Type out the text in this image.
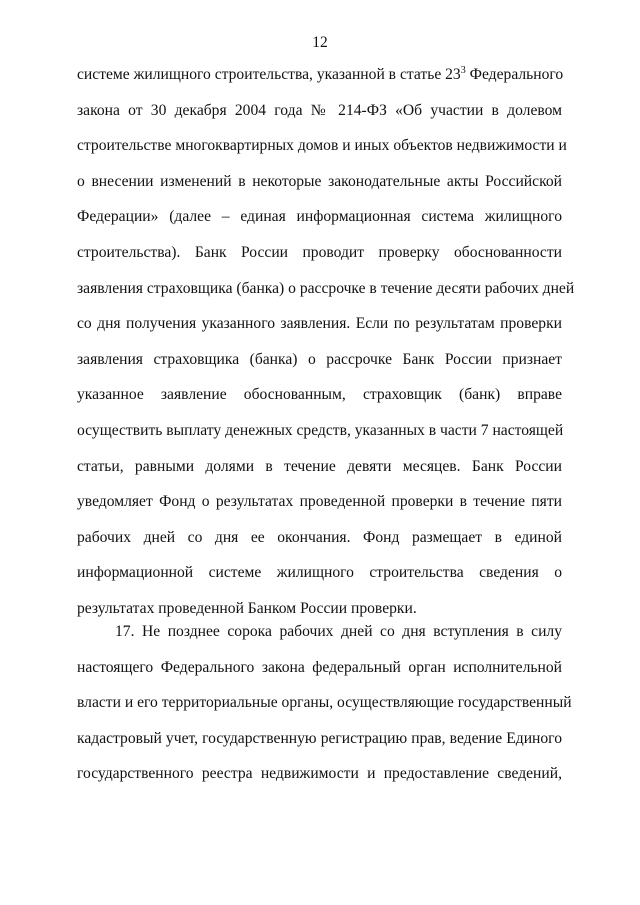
12
системе жилищного строительства, указанной в статье $23^3$ Федерального
закона от 30 декабря 2004 года № 214-ФЗ «Об участии в долевом
строительстве многоквартирных домов и иных объектов недвижимости и
о внесении изменений в некоторые законодательные акты Российской
Федерации» (далее – единая информационная система жилищного
строительства). Банк России проводит проверку обоснованности
заявления страховщика (банка) о рассрочке в течение десяти рабочих дней
со дня получения указанного заявления. Если по результатам проверки
заявления страховщика (банка) о рассрочке Банк России признает
указанное заявление обоснованным, страховщик (банк) вправе
осуществить выплату денежных средств, указанных в части 7 настоящей
статьи, равными долями в течение девяти месяцев. Банк России
уведомляет Фонд о результатах проведенной проверки в течение пяти
рабочих дней со дня ее окончания. Фонд размещает в единой
информационной системе жилищного строительства сведения о
результатах проведенной Банком России проверки.
17. Не позднее сорока рабочих дней со дня вступления в силу
настоящего Федерального закона федеральный орган исполнительной
власти и его территориальные органы, осуществляющие государственный
кадастровый учет, государственную регистрацию прав, ведение Единого
государственного реестра недвижимости и предоставление сведений,
